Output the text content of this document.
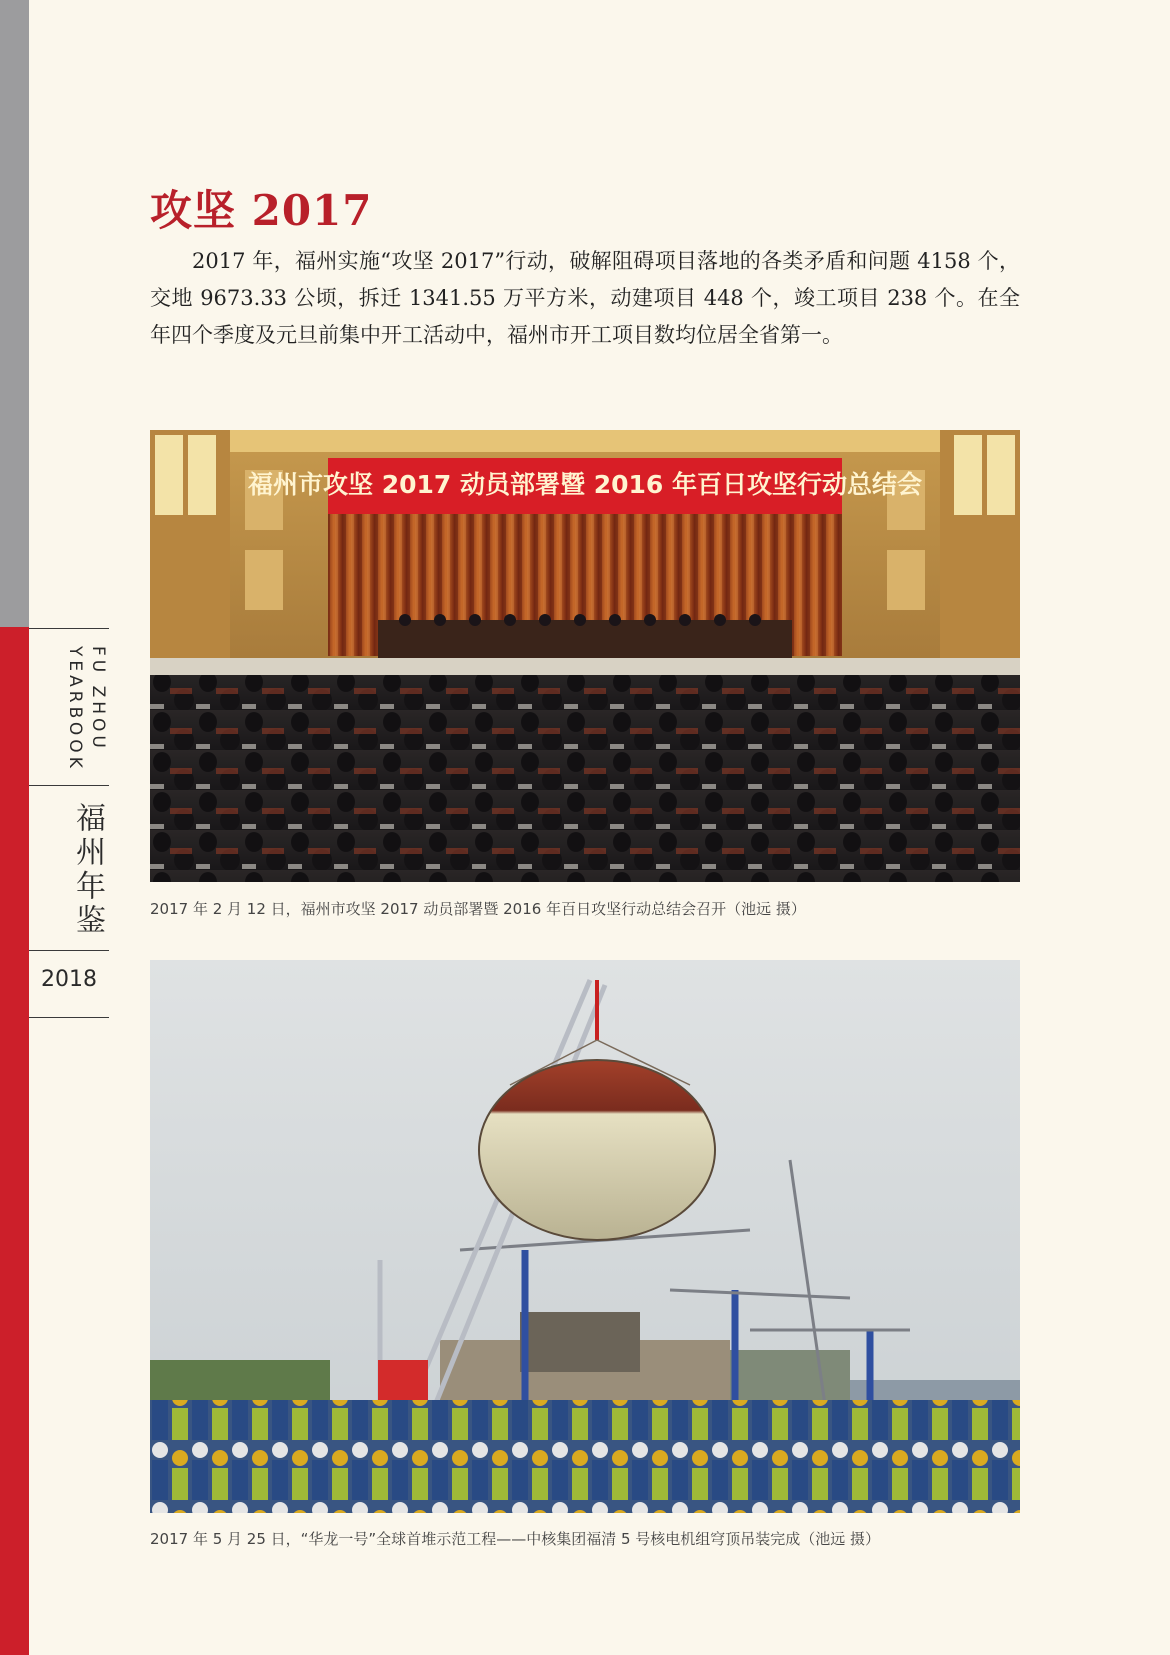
FU ZHOU YEARBOOK
福州年鉴
2018
攻坚 2017

2017 年，福州实施“攻坚 2017”行动，破解阻碍项目落地的各类矛盾和问题 4158 个，交地 9673.33 公顷，拆迁 1341.55 万平方米，动建项目 448 个，竣工项目 238 个。在全年四个季度及元旦前集中开工活动中，福州市开工项目数均位居全省第一。

福州市攻坚 2017 动员部署暨 2016 年百日攻坚行动总结会
2017 年 2 月 12 日，福州市攻坚 2017 动员部署暨 2016 年百日攻坚行动总结会召开（池远 摄）
2017 年 5 月 25 日，“华龙一号”全球首堆示范工程——中核集团福清 5 号核电机组穹顶吊装完成（池远 摄）
